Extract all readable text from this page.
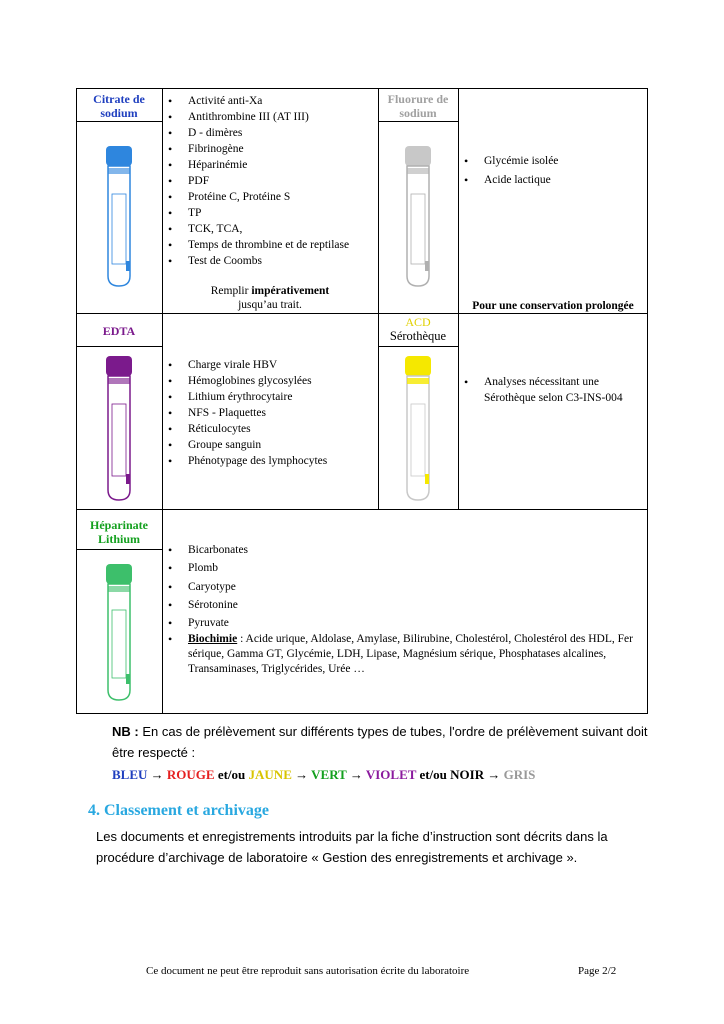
Citrate de sodium
• Activité anti-Xa
• Antithrombine III (AT III)
• D - dimères
• Fibrinogène
• Héparinémie
• PDF
• Protéine C, Protéine S
• TP
• TCK, TCA,
• Temps de thrombine et de reptilase
• Test de Coombs
Remplir impérativement
jusqu’au trait.
Fluorure de sodium
• Glycémie isolée
• Acide lactique
Pour une conservation prolongée
EDTA
• Charge virale HBV
• Hémoglobines glycosylées
• Lithium érythrocytaire
• NFS - Plaquettes
• Réticulocytes
• Groupe sanguin
• Phénotypage des lymphocytes
ACD
Sérothèque
• Analyses nécessitant une Sérothèque selon C3-INS-004
Héparinate Lithium
• Bicarbonates
• Plomb
• Caryotype
• Sérotonine
• Pyruvate
• Biochimie : Acide urique, Aldolase, Amylase, Bilirubine, Cholestérol, Cholestérol des HDL, Fer sérique, Gamma GT, Glycémie, LDH, Lipase, Magnésium sérique, Phosphatases alcalines, Transaminases, Triglycérides, Urée …
NB : En cas de prélèvement sur différents types de tubes, l'ordre de prélèvement suivant doit être respecté :
BLEU → ROUGE et/ou JAUNE → VERT → VIOLET et/ou NOIR → GRIS
4. Classement et archivage
Les documents et enregistrements introduits par la fiche d’instruction sont décrits dans la procédure d’archivage de laboratoire « Gestion des enregistrements et archivage ».
Ce document ne peut être reproduit sans autorisation écrite du laboratoire	Page 2/2
